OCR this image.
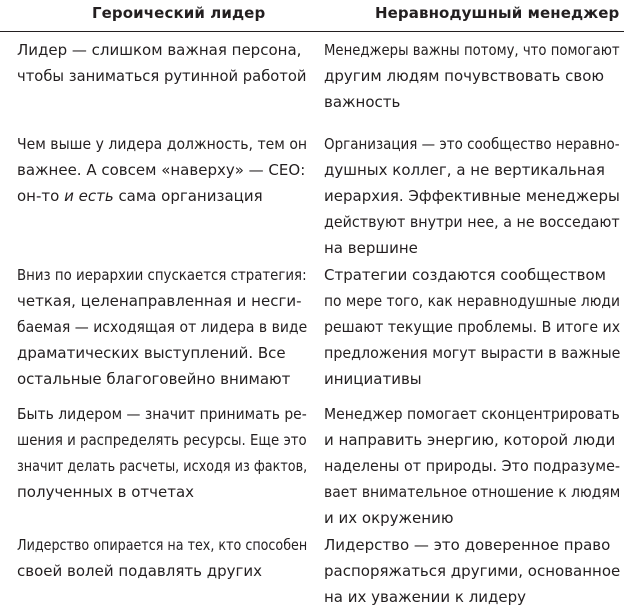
Героический лидер	Неравнодушный менеджер
Лидер — слишком важная персона,
чтобы заниматься рутинной работой
Менеджеры важны потому, что помогают
другим людям почувствовать свою
важность
Чем выше у лидера должность, тем он
важнее. А совсем «наверху» — СЕО:
он-то и есть сама организация
Организация — это сообщество неравно-
душных коллег, а не вертикальная
иерархия. Эффективные менеджеры
действуют внутри нее, а не восседают
на вершине
Вниз по иерархии спускается стратегия:
четкая, целенаправленная и несги-
баемая — исходящая от лидера в виде
драматических выступлений. Все
остальные благоговейно внимают
Стратегии создаются сообществом
по мере того, как неравнодушные люди
решают текущие проблемы. В итоге их
предложения могут вырасти в важные
инициативы
Быть лидером — значит принимать ре-
шения и распределять ресурсы. Еще это
значит делать расчеты, исходя из фактов,
полученных в отчетах
Менеджер помогает сконцентрировать
и направить энергию, которой люди
наделены от природы. Это подразуме-
вает внимательное отношение к людям
и их окружению
Лидерство опирается на тех, кто способен
своей волей подавлять других
Лидерство — это доверенное право
распоряжаться другими, основанное
на их уважении к лидеру
